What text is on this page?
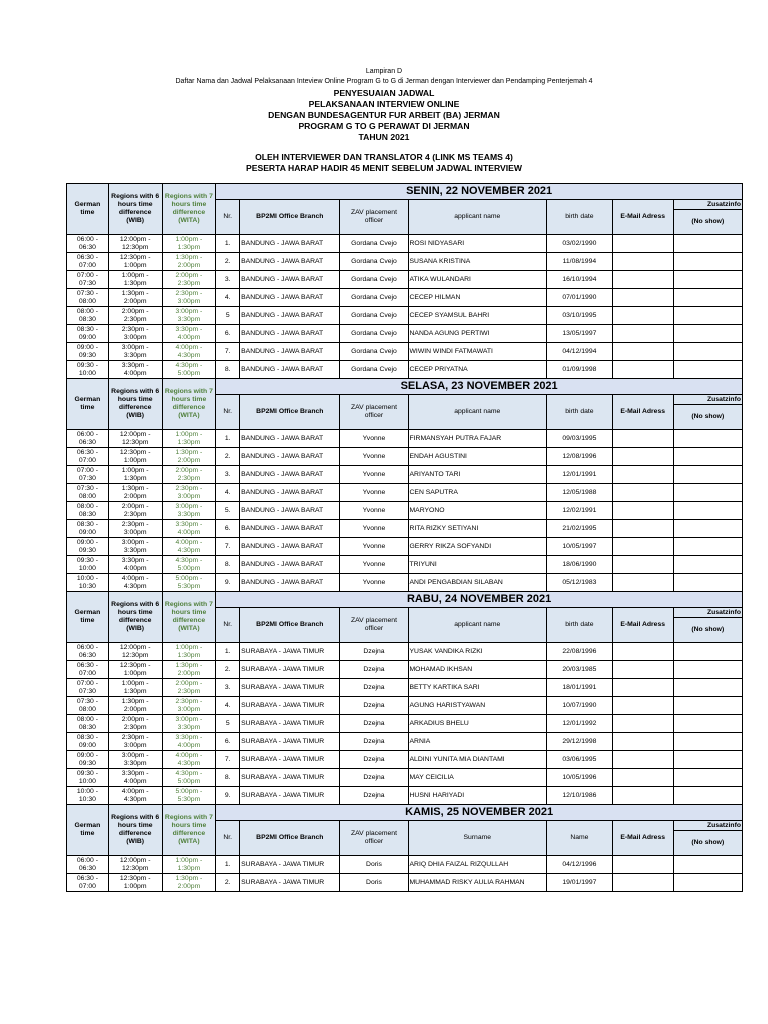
Lampiran D
Daftar Nama dan Jadwal Pelaksanaan Inteview Online Program G to G di Jerman dengan Interviewer dan Pendamping Penterjemah 4
PENYESUAIAN JADWAL
PELAKSANAAN INTERVIEW ONLINE
DENGAN BUNDESAGENTUR FUR ARBEIT (BA) JERMAN
PROGRAM G TO G PERAWAT DI JERMAN
TAHUN 2021
OLEH INTERVIEWER DAN TRANSLATOR 4 (LINK MS TEAMS 4)
PESERTA HARAP HADIR 45 MENIT SEBELUM JADWAL INTERVIEW
German time	Regions with 6 hours time difference (WIB)	Regions with 7 hours time difference (WITA)	SENIN, 22 NOVEMBER 2021						
			Nr.	BP2MI Office Branch	ZAV placement officer	applicant name	birth date	E-Mail Adress	Zusatzinfo
									(No show)
06:00 - 06:30	12:00pm - 12:30pm	1:00pm - 1:30pm	1.	BANDUNG - JAWA BARAT	Gordana Cvejo	ROSI NIDYASARI	03/02/1990		
06:30 - 07:00	12:30pm - 1:00pm	1:30pm - 2:00pm	2.	BANDUNG - JAWA BARAT	Gordana Cvejo	SUSANA KRISTINA	11/08/1994		
07:00 - 07:30	1:00pm - 1:30pm	2:00pm - 2:30pm	3.	BANDUNG - JAWA BARAT	Gordana Cvejo	ATIKA WULANDARI	16/10/1994		
07:30 - 08:00	1:30pm - 2:00pm	2:30pm - 3:00pm	4.	BANDUNG - JAWA BARAT	Gordana Cvejo	CECEP HILMAN	07/01/1990		
08:00 - 08:30	2:00pm - 2:30pm	3:00pm - 3:30pm	5	BANDUNG - JAWA BARAT	Gordana Cvejo	CECEP SYAMSUL BAHRI	03/10/1995		
08:30 - 09:00	2:30pm - 3:00pm	3:30pm - 4:00pm	6.	BANDUNG - JAWA BARAT	Gordana Cvejo	NANDA AGUNG PERTIWI	13/05/1997		
09:00 - 09:30	3:00pm - 3:30pm	4:00pm - 4:30pm	7.	BANDUNG - JAWA BARAT	Gordana Cvejo	WIWIN WINDI FATMAWATI	04/12/1994		
09:30 - 10:00	3:30pm - 4:00pm	4:30pm - 5:00pm	8.	BANDUNG - JAWA BARAT	Gordana Cvejo	CECEP PRIYATNA	01/09/1998		
German time	Regions with 6 hours time difference (WIB)	Regions with 7 hours time difference (WITA)	SELASA, 23 NOVEMBER 2021						
			Nr.	BP2MI Office Branch	ZAV placement officer	applicant name	birth date	E-Mail Adress	Zusatzinfo
									(No show)
06:00 - 06:30	12:00pm - 12:30pm	1:00pm - 1:30pm	1.	BANDUNG - JAWA BARAT	Yvonne	FIRMANSYAH PUTRA FAJAR	09/03/1995		
06:30 - 07:00	12:30pm - 1:00pm	1:30pm - 2:00pm	2.	BANDUNG - JAWA BARAT	Yvonne	ENDAH AGUSTINI	12/08/1996		
07:00 - 07:30	1:00pm - 1:30pm	2:00pm - 2:30pm	3.	BANDUNG - JAWA BARAT	Yvonne	ARIYANTO TARI	12/01/1991		
07:30 - 08:00	1:30pm - 2:00pm	2:30pm - 3:00pm	4.	BANDUNG - JAWA BARAT	Yvonne	CEN SAPUTRA	12/05/1988		
08:00 - 08:30	2:00pm - 2:30pm	3:00pm - 3:30pm	5.	BANDUNG - JAWA BARAT	Yvonne	MARYONO	12/02/1991		
08:30 - 09:00	2:30pm - 3:00pm	3:30pm - 4:00pm	6.	BANDUNG - JAWA BARAT	Yvonne	RITA RIZKY SETIYANI	21/02/1995		
09:00 - 09:30	3:00pm - 3:30pm	4:00pm - 4:30pm	7.	BANDUNG - JAWA BARAT	Yvonne	GERRY RIKZA SOFYANDI	10/05/1997		
09:30 - 10:00	3:30pm - 4:00pm	4:30pm - 5:00pm	8.	BANDUNG - JAWA BARAT	Yvonne	TRIYUNI	18/06/1990		
10:00 - 10:30	4:00pm - 4:30pm	5:00pm - 5:30pm	9.	BANDUNG - JAWA BARAT	Yvonne	ANDI PENGABDIAN SILABAN	05/12/1983		
German time	Regions with 6 hours time difference (WIB)	Regions with 7 hours time difference (WITA)	RABU, 24 NOVEMBER 2021						
			Nr.	BP2MI Office Branch	ZAV placement officer	applicant name	birth date	E-Mail Adress	Zusatzinfo
									(No show)
06:00 - 06:30	12:00pm - 12:30pm	1:00pm - 1:30pm	1.	SURABAYA - JAWA TIMUR	Dzejna	YUSAK VANDIKA RIZKI	22/08/1996		
06:30 - 07:00	12:30pm - 1:00pm	1:30pm - 2:00pm	2.	SURABAYA - JAWA TIMUR	Dzejna	MOHAMAD IKHSAN	20/03/1985		
07:00 - 07:30	1:00pm - 1:30pm	2:00pm - 2:30pm	3.	SURABAYA - JAWA TIMUR	Dzejna	BETTY KARTIKA SARI	18/01/1991		
07:30 - 08:00	1:30pm - 2:00pm	2:30pm - 3:00pm	4.	SURABAYA - JAWA TIMUR	Dzejna	AGUNG HARISTYAWAN	10/07/1990		
08:00 - 08:30	2:00pm - 2:30pm	3:00pm - 3:30pm	5	SURABAYA - JAWA TIMUR	Dzejna	ARKADIUS BHELU	12/01/1992		
08:30 - 09:00	2:30pm - 3:00pm	3:30pm - 4:00pm	6.	SURABAYA - JAWA TIMUR	Dzejna	ARNIA	29/12/1998		
09:00 - 09:30	3:00pm - 3:30pm	4:00pm - 4:30pm	7.	SURABAYA - JAWA TIMUR	Dzejna	ALDINI YUNITA MIA DIANTAMI	03/06/1995		
09:30 - 10:00	3:30pm - 4:00pm	4:30pm - 5:00pm	8.	SURABAYA - JAWA TIMUR	Dzejna	MAY CEICILIA	10/05/1996		
10:00 - 10:30	4:00pm - 4:30pm	5:00pm - 5:30pm	9.	SURABAYA - JAWA TIMUR	Dzejna	HUSNI HARIYADI	12/10/1986		
German time	Regions with 6 hours time difference (WIB)	Regions with 7 hours time difference (WITA)	KAMIS, 25 NOVEMBER 2021						
			Nr.	BP2MI Office Branch	ZAV placement officer	Surname	Name	E-Mail Adress	Zusatzinfo
									(No show)
06:00 - 06:30	12:00pm - 12:30pm	1:00pm - 1:30pm	1.	SURABAYA - JAWA TIMUR	Doris	ARIQ DHIA FAIZAL RIZQULLAH	04/12/1996		
06:30 - 07:00	12:30pm - 1:00pm	1:30pm - 2:00pm	2.	SURABAYA - JAWA TIMUR	Doris	MUHAMMAD RISKY AULIA RAHMAN	19/01/1997		
